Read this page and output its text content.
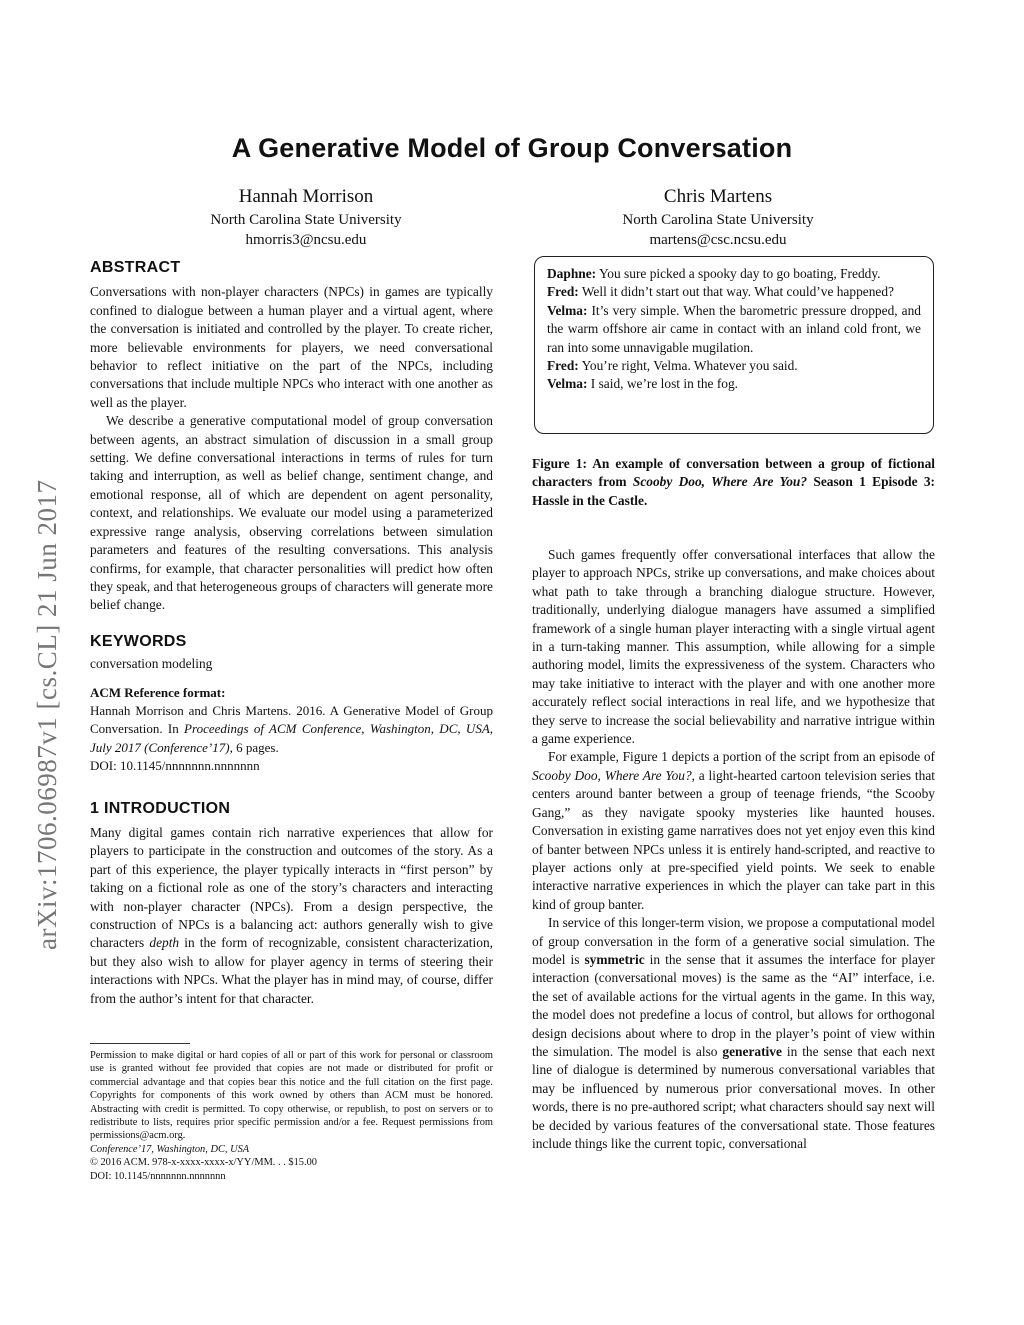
arXiv:1706.06987v1 [cs.CL] 21 Jun 2017
A Generative Model of Group Conversation
Hannah Morrison
North Carolina State University
hmorris3@ncsu.edu
Chris Martens
North Carolina State University
martens@csc.ncsu.edu
ABSTRACT

Conversations with non-player characters (NPCs) in games are typically confined to dialogue between a human player and a virtual agent, where the conversation is initiated and controlled by the player. To create richer, more believable environments for players, we need conversational behavior to reflect initiative on the part of the NPCs, including conversations that include multiple NPCs who interact with one another as well as the player.

We describe a generative computational model of group conversation between agents, an abstract simulation of discussion in a small group setting. We define conversational interactions in terms of rules for turn taking and interruption, as well as belief change, sentiment change, and emotional response, all of which are dependent on agent personality, context, and relationships. We evaluate our model using a parameterized expressive range analysis, observing correlations between simulation parameters and features of the resulting conversations. This analysis confirms, for example, that character personalities will predict how often they speak, and that heterogeneous groups of characters will generate more belief change.

KEYWORDS

conversation modeling

ACM Reference format:

Hannah Morrison and Chris Martens. 2016. A Generative Model of Group Conversation. In Proceedings of ACM Conference, Washington, DC, USA, July 2017 (Conference’17), 6 pages.

DOI: 10.1145/nnnnnnn.nnnnnnn

1 INTRODUCTION

Many digital games contain rich narrative experiences that allow for players to participate in the construction and outcomes of the story. As a part of this experience, the player typically interacts in “first person” by taking on a fictional role as one of the story’s characters and interacting with non-player character (NPCs). From a design perspective, the construction of NPCs is a balancing act: authors generally wish to give characters depth in the form of recognizable, consistent characterization, but they also wish to allow for player agency in terms of steering their interactions with NPCs. What the player has in mind may, of course, differ from the author’s intent for that character.

Permission to make digital or hard copies of all or part of this work for personal or classroom use is granted without fee provided that copies are not made or distributed for profit or commercial advantage and that copies bear this notice and the full citation on the first page. Copyrights for components of this work owned by others than ACM must be honored. Abstracting with credit is permitted. To copy otherwise, or republish, to post on servers or to redistribute to lists, requires prior specific permission and/or a fee. Request permissions from permissions@acm.org.

Conference’17, Washington, DC, USA

© 2016 ACM. 978-x-xxxx-xxxx-x/YY/MM. . . $15.00

DOI: 10.1145/nnnnnnn.nnnnnnn

Daphne: You sure picked a spooky day to go boating, Freddy.

Fred: Well it didn’t start out that way. What could’ve happened?

Velma: It’s very simple. When the barometric pressure dropped, and the warm offshore air came in contact with an inland cold front, we ran into some unnavigable mugilation.

Fred: You’re right, Velma. Whatever you said.

Velma: I said, we’re lost in the fog.

Figure 1: An example of conversation between a group of fictional characters from Scooby Doo, Where Are You? Season 1 Episode 3: Hassle in the Castle.

Such games frequently offer conversational interfaces that allow the player to approach NPCs, strike up conversations, and make choices about what path to take through a branching dialogue structure. However, traditionally, underlying dialogue managers have assumed a simplified framework of a single human player interacting with a single virtual agent in a turn-taking manner. This assumption, while allowing for a simple authoring model, limits the expressiveness of the system. Characters who may take initiative to interact with the player and with one another more accurately reflect social interactions in real life, and we hypothesize that they serve to increase the social believability and narrative intrigue within a game experience.

For example, Figure 1 depicts a portion of the script from an episode of Scooby Doo, Where Are You?, a light-hearted cartoon television series that centers around banter between a group of teenage friends, “the Scooby Gang,” as they navigate spooky mysteries like haunted houses. Conversation in existing game narratives does not yet enjoy even this kind of banter between NPCs unless it is entirely hand-scripted, and reactive to player actions only at pre-specified yield points. We seek to enable interactive narrative experiences in which the player can take part in this kind of group banter.

In service of this longer-term vision, we propose a computational model of group conversation in the form of a generative social simulation. The model is symmetric in the sense that it assumes the interface for player interaction (conversational moves) is the same as the “AI” interface, i.e. the set of available actions for the virtual agents in the game. In this way, the model does not predefine a locus of control, but allows for orthogonal design decisions about where to drop in the player’s point of view within the simulation. The model is also generative in the sense that each next line of dialogue is determined by numerous conversational variables that may be influenced by numerous prior conversational moves. In other words, there is no pre-authored script; what characters should say next will be decided by various features of the conversational state. Those features include things like the current topic, conversational
